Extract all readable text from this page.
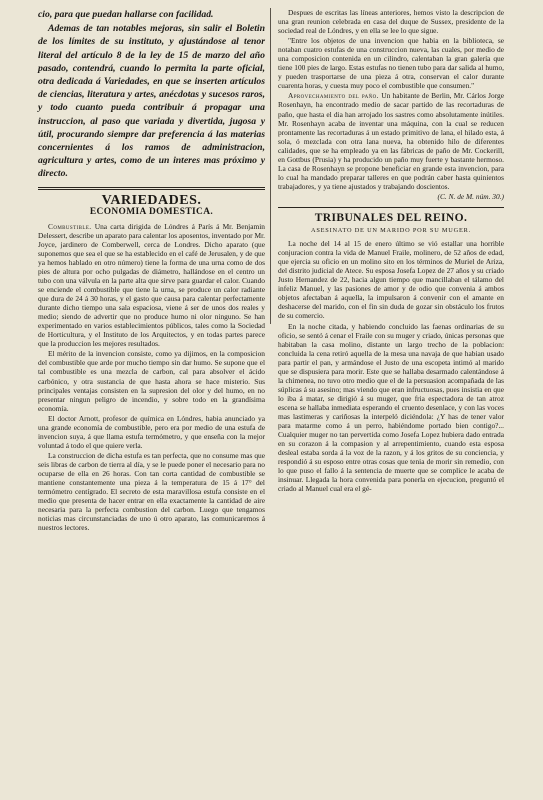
cio, para que puedan hallarse con facilidad.

Ademas de tan notables mejoras, sin salir el Boletin de los límites de su instituto, y ajustándose al tenor literal del artículo 8 de la ley de 15 de marzo del año pasado, contendrá, cuando lo permita la parte oficial, otra dedicada á Variedades, en que se inserten artículos de ciencias, literatura y artes, anécdotas y sucesos raros, y todo cuanto pueda contribuir á propagar una instruccion, al paso que variada y divertida, jugosa y útil, procurando siempre dar preferencia á las materias concernientes á los ramos de administracion, agricultura y artes, como de un interes mas próximo y directo.

VARIEDADES.
ECONOMIA DOMESTICA.

Combustible. Una carta dirigida de Lóndres á París á Mr. Benjamin Delessert, describe un aparato para calentar los aposentos, inventado por Mr. Joyce, jardinero de Comberwell, cerca de Londres. Dicho aparato (que suponemos que sea el que se ha establecido en el café de Jerusalen, y de que ya hemos hablado en otro número) tiene la forma de una urna como de dos pies de altura por ocho pulgadas de diámetro, hallándose en el centro un tubo con una válvula en la parte alta que sirve para guardar el calor. Cuando se enciende el combustible que tiene la urna, se produce un calor radiante que dura de 24 á 30 horas, y el gasto que causa para calentar perfectamente durante dicho tiempo una sala espaciosa, viene á ser de unos dos reales y medio; siendo de advertir que no produce humo ni olor ninguno. Se han experimentado en varios establecimientos públicos, tales como la Sociedad de Horticultura, y el Instituto de los Arquitectos, y en todas partes parece que la produccion les mejores resultados.

El mérito de la invencion consiste, como ya dijimos, en la composicion del combustible que arde por mucho tiempo sin dar humo. Se supone que el tal combustible es una mezcla de carbon, cal para absolver el ácido carbónico, y otra sustancia de que hasta ahora se hace misterio. Sus principales ventajas consisten en la supresion del olor y del humo, en no presentar ningun peligro de incendio, y sobre todo en la grandísima economía.

El doctor Arnott, profesor de química en Lóndres, habia anunciado ya una grande economía de combustible, pero era por medio de una estufa de invencion suya, á que llama estufa termómetro, y que enseña con la mejor voluntad á todo el que quiere verla.

La construccion de dicha estufa es tan perfecta, que no consume mas que seis libras de carbon de tierra al día, y se le puede poner el necesario para no ocuparse de ella en 26 horas. Con tan corta cantidad de combustible se mantiene constantemente una pieza á la temperatura de 15 á 17° del termómetro centígrado. El secreto de esta maravillosa estufa consiste en el medio que presenta de hacer entrar en ella exactamente la cantidad de aire necesaria para la perfecta combustion del carbon. Luego que tengamos noticias mas circunstanciadas de uno ú otro aparato, las comunicaremos á nuestros lectores.

Despues de escritas las líneas anteriores, hemos visto la descripcion de una gran reunion celebrada en casa del duque de Sussex, presidente de la sociedad real de Lóndres, y en ella se lee lo que sigue.

"Entre los objetos de una invencion que habia en la biblioteca, se notaban cuatro estufas de una construccion nueva, las cuales, por medio de una composicion contenida en un cilindro, calentaban la gran galería que tiene 100 pies de largo. Estas estufas no tienen tubo para dar salida al humo, y pueden trasportarse de una pieza á otra, conservan el calor durante cuarenta horas, y cuesta muy poco el combustible que consumen."

Aprovechamiento del paño. Un habitante de Berlin, Mr. Cárlos Jorge Rosenhayn, ha encontrado medio de sacar partido de las recortaduras de paño, que hasta el dia han arrojado los sastres como absolutamente inútiles. Mr. Rosenhayn acaba de inventar una máquina, con la cual se reducen prontamente las recortaduras á un estado primitivo de lana, el hilado esta, á sola, ó mezclada con otra lana nueva, ha obtenido hilo de diferentes calidades, que se ha empleado ya en las fábricas de paño de Mr. Cockerill, en Gottbus (Prusia) y ha producido un paño muy fuerte y bastante hermoso. La casa de Rosenhayn se propone beneficiar en grande esta invencion, para lo cual ha mandado preparar talleres en que podrán caber hasta quinientos trabajadores, y ya tiene ajustados y trabajando doscientos.

(C. N. de M. núm. 30.)

TRIBUNALES DEL REINO.
ASESINATO DE UN MARIDO POR SU MUGER.

La noche del 14 al 15 de enero último se vió estallar una horrible conjuracion contra la vida de Manuel Fraile, molinero, de 52 años de edad, que ejercia su oficio en un molino sito en los términos de Muriel de Ariza, del distrito judicial de Atece. Su esposa Josefa Lopez de 27 años y su criado Justo Hernandez de 22, hacia algun tiempo que mancillaban el tálamo del infeliz Manuel, y las pasiones de amor y de odio que convenia á ambos objetos afectaban á aquella, la impulsaron á convenir con el amante en deshacerse del marido, con el fin sin duda de gozar sin obstáculo los frutos de su comercio.

En la noche citada, y habiendo concluido las faenas ordinarias de su oficio, se sentó á cenar el Fraile con su muger y criado, únicas personas que habitaban la casa molino, distante un largo trecho de la poblacion: concluida la cena retiró aquella de la mesa una navaja de que habian usado para partir el pan, y armándose el Justo de una escopeta intimó al marido que se dispusiera para morir. Este que se hallaba desarmado calentándose á la chimenea, no tuvo otro medio que el de la persuasion acompañada de las súplicas á su asesino; mas viendo que eran infructuosas, pues insistia en que lo iba á matar, se dirigió á su muger, que fria espectadora de tan atroz escena se hallaba inmediata esperando el cruento desenlace, y con las voces mas lastimeras y cariñosas la interpeló diciéndola: ¿Y has de tener valor para matarme como á un perro, habiéndome portado bien contigo?... Cualquier muger no tan pervertida como Josefa Lopez hubiera dado entrada en su corazon á la compasion y al arrepentimiento, cuando esta esposa desleal estaba sorda á la voz de la razon, y á los gritos de su conciencia, y respondió á su esposo entre otras cosas que tenia de morir sin remedio, con lo que puso el fallo á la sentencia de muerte que se complice le acaba de insinuar. Llegada la hora convenida para ponerla en ejecucion, preguntó el criado al Manuel cual era el gé-
